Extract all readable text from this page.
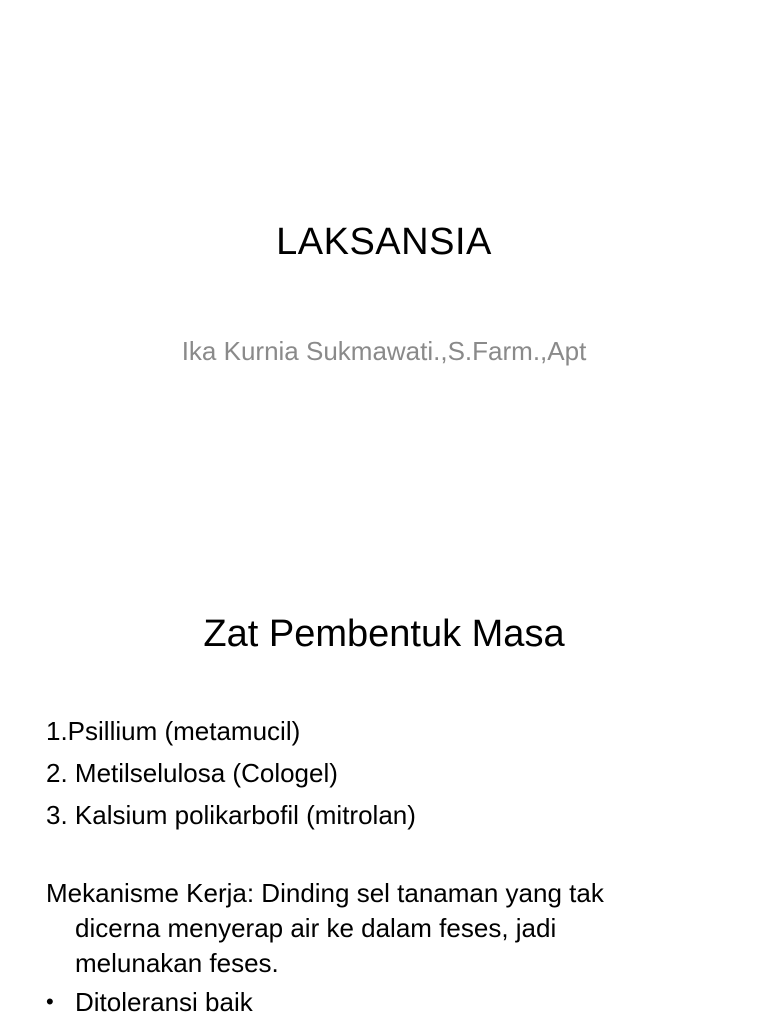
LAKSANSIA
Ika Kurnia Sukmawati.,S.Farm.,Apt
Zat Pembentuk Masa
1.Psillium (metamucil)
2. Metilselulosa (Cologel)
3. Kalsium polikarbofil (mitrolan)
Mekanisme Kerja: Dinding sel tanaman yang tak
dicerna menyerap air ke dalam feses, jadi
melunakan feses.
• Ditoleransi baik
